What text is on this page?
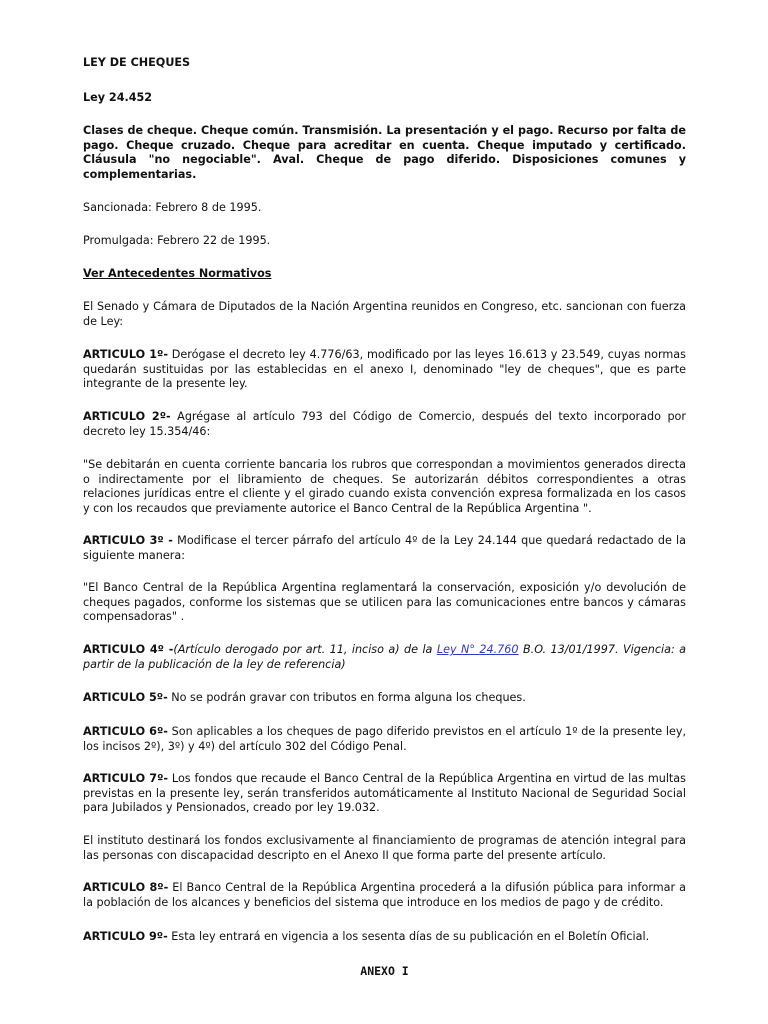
LEY DE CHEQUES

Ley 24.452

Clases de cheque. Cheque común. Transmisión. La presentación y el pago. Recurso por falta de pago. Cheque cruzado. Cheque para acreditar en cuenta. Cheque imputado y certificado. Cláusula "no negociable". Aval. Cheque de pago diferido. Disposiciones comunes y complementarias.

Sancionada: Febrero 8 de 1995.

Promulgada: Febrero 22 de 1995.

Ver Antecedentes Normativos

El Senado y Cámara de Diputados de la Nación Argentina reunidos en Congreso, etc. sancionan con fuerza de Ley:

ARTICULO 1º- Derógase el decreto ley 4.776/63, modificado por las leyes 16.613 y 23.549, cuyas normas quedarán sustituidas por las establecidas en el anexo I, denominado "ley de cheques", que es parte integrante de la presente ley.

ARTICULO 2º- Agrégase al artículo 793 del Código de Comercio, después del texto incorporado por decreto ley 15.354/46:

"Se debitarán en cuenta corriente bancaria los rubros que correspondan a movimientos generados directa o indirectamente por el libramiento de cheques. Se autorizarán débitos correspondientes a otras relaciones jurídicas entre el cliente y el girado cuando exista convención expresa formalizada en los casos y con los recaudos que previamente autorice el Banco Central de la República Argentina ".

ARTICULO 3º - Modificase el tercer párrafo del artículo 4º de la Ley 24.144 que quedará redactado de la siguiente manera:

"El Banco Central de la República Argentina reglamentará la conservación, exposición y/o devolución de cheques pagados, conforme los sistemas que se utilicen para las comunicaciones entre bancos y cámaras compensadoras" .

ARTICULO 4º -(Artículo derogado por art. 11, inciso a) de la Ley N° 24.760 B.O. 13/01/1997. Vigencia: a partir de la publicación de la ley de referencia)

ARTICULO 5º- No se podrán gravar con tributos en forma alguna los cheques.

ARTICULO 6º- Son aplicables a los cheques de pago diferido previstos en el artículo 1º de la presente ley, los incisos 2º), 3º) y 4º) del artículo 302 del Código Penal.

ARTICULO 7º- Los fondos que recaude el Banco Central de la República Argentina en virtud de las multas previstas en la presente ley, serán transferidos automáticamente al Instituto Nacional de Seguridad Social para Jubilados y Pensionados, creado por ley 19.032.

El instituto destinará los fondos exclusivamente al financiamiento de programas de atención integral para las personas con discapacidad descripto en el Anexo II que forma parte del presente artículo.

ARTICULO 8º- El Banco Central de la República Argentina procederá a la difusión pública para informar a la población de los alcances y beneficios del sistema que introduce en los medios de pago y de crédito.

ARTICULO 9º- Esta ley entrará en vigencia a los sesenta días de su publicación en el Boletín Oficial.

ANEXO I
